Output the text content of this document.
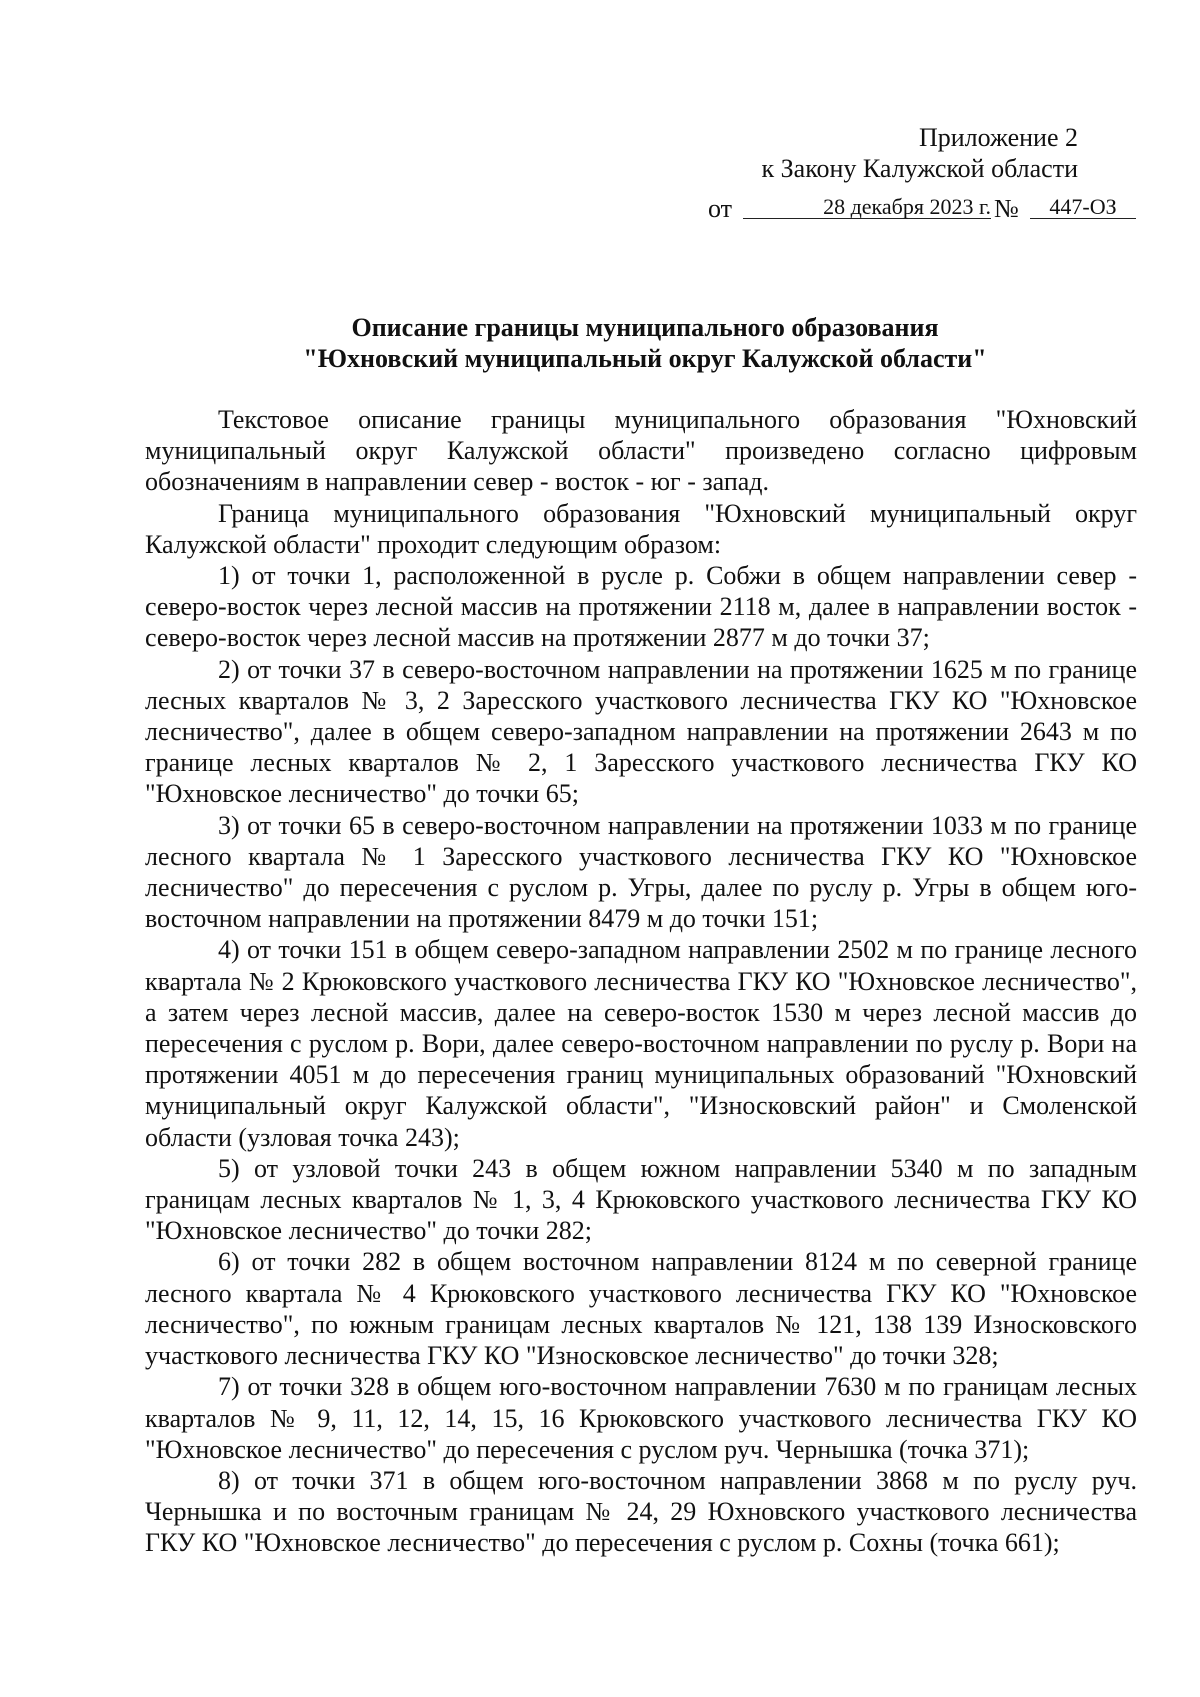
Приложение 2
к Закону Калужской области
от	28 декабря 2023 г. №	447-ОЗ
Описание границы муниципального образования
"Юхновский муниципальный округ Калужской области"

Текстовое описание границы муниципального образования "Юхновский муниципальный округ Калужской области" произведено согласно цифровым обозначениям в направлении север - восток - юг - запад.

Граница муниципального образования "Юхновский муниципальный округ Калужской области" проходит следующим образом:

1) от точки 1, расположенной в русле р. Собжи в общем направлении север - северо-восток через лесной массив на протяжении 2118 м, далее в направлении восток - северо-восток через лесной массив на протяжении 2877 м до точки 37;

2) от точки 37 в северо-восточном направлении на протяжении 1625 м по границе лесных кварталов № 3, 2 Заресского участкового лесничества ГКУ КО "Юхновское лесничество", далее в общем северо-западном направлении на протяжении 2643 м по границе лесных кварталов № 2, 1 Заресского участкового лесничества ГКУ КО "Юхновское лесничество" до точки 65;

3) от точки 65 в северо-восточном направлении на протяжении 1033 м по границе лесного квартала № 1 Заресского участкового лесничества ГКУ КО "Юхновское лесничество" до пересечения с руслом р. Угры, далее по руслу р. Угры в общем юго-восточном направлении на протяжении 8479 м до точки 151;

4) от точки 151 в общем северо-западном направлении 2502 м по границе лесного квартала № 2 Крюковского участкового лесничества ГКУ КО "Юхновское лесничество", а затем через лесной массив, далее на северо-восток 1530 м через лесной массив до пересечения с руслом р. Вори, далее северо-восточном направлении по руслу р. Вори на протяжении 4051 м до пересечения границ муниципальных образований "Юхновский муниципальный округ Калужской области", "Износковский район" и Смоленской области (узловая точка 243);

5) от узловой точки 243 в общем южном направлении 5340 м по западным границам лесных кварталов № 1, 3, 4 Крюковского участкового лесничества ГКУ КО "Юхновское лесничество" до точки 282;

6) от точки 282 в общем восточном направлении 8124 м по северной границе лесного квартала № 4 Крюковского участкового лесничества ГКУ КО "Юхновское лесничество", по южным границам лесных кварталов № 121, 138 139 Износковского участкового лесничества ГКУ КО "Износковское лесничество" до точки 328;

7) от точки 328 в общем юго-восточном направлении 7630 м по границам лесных кварталов № 9, 11, 12, 14, 15, 16 Крюковского участкового лесничества ГКУ КО "Юхновское лесничество" до пересечения с руслом руч. Чернышка (точка 371);

8) от точки 371 в общем юго-восточном направлении 3868 м по руслу руч. Чернышка и по восточным границам № 24, 29 Юхновского участкового лесничества ГКУ КО "Юхновское лесничество" до пересечения с руслом р. Сохны (точка 661);
